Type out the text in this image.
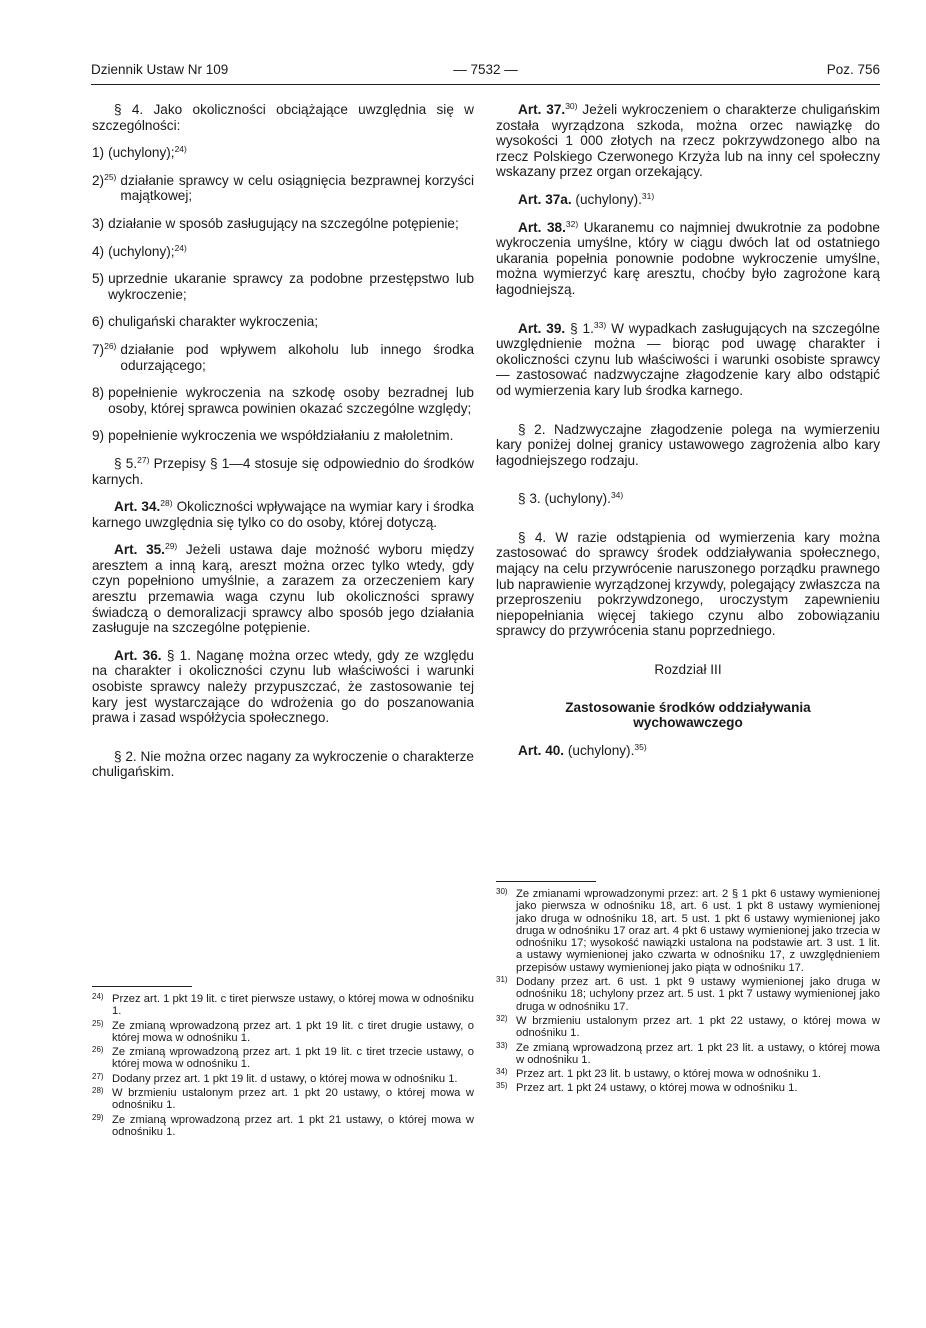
Dziennik Ustaw Nr 109	— 7532 —	Poz. 756

§ 4. Jako okoliczności obciążające uwzględnia się w szczególności:

1) (uchylony);$^{24)}$
2)$^{25)}$ działanie sprawcy w celu osiągnięcia bezprawnej korzyści majątkowej;
3) działanie w sposób zasługujący na szczególne potępienie;
4) (uchylony);$^{24)}$
5) uprzednie ukaranie sprawcy za podobne przestępstwo lub wykroczenie;
6) chuligański charakter wykroczenia;
7)$^{26)}$ działanie pod wpływem alkoholu lub innego środka odurzającego;
8) popełnienie wykroczenia na szkodę osoby bezradnej lub osoby, której sprawca powinien okazać szczególne względy;
9) popełnienie wykroczenia we współdziałaniu z małoletnim.

§ 5.$^{27)}$ Przepisy § 1—4 stosuje się odpowiednio do środków karnych.

Art. 34.$^{28)}$ Okoliczności wpływające na wymiar kary i środka karnego uwzględnia się tylko co do osoby, której dotyczą.

Art. 35.$^{29)}$ Jeżeli ustawa daje możność wyboru między aresztem a inną karą, areszt można orzec tylko wtedy, gdy czyn popełniono umyślnie, a zarazem za orzeczeniem kary aresztu przemawia waga czynu lub okoliczności sprawy świadczą o demoralizacji sprawcy albo sposób jego działania zasługuje na szczególne potępienie.

Art. 36. § 1. Naganę można orzec wtedy, gdy ze względu na charakter i okoliczności czynu lub właściwości i warunki osobiste sprawcy należy przypuszczać, że zastosowanie tej kary jest wystarczające do wdrożenia go do poszanowania prawa i zasad współżycia społecznego.

§ 2. Nie można orzec nagany za wykroczenie o charakterze chuligańskim.

$^{24)}$ Przez art. 1 pkt 19 lit. c tiret pierwsze ustawy, o której mowa w odnośniku 1.
$^{25)}$ Ze zmianą wprowadzoną przez art. 1 pkt 19 lit. c tiret drugie ustawy, o której mowa w odnośniku 1.
$^{26)}$ Ze zmianą wprowadzoną przez art. 1 pkt 19 lit. c tiret trzecie ustawy, o której mowa w odnośniku 1.
$^{27)}$ Dodany przez art. 1 pkt 19 lit. d ustawy, o której mowa w odnośniku 1.
$^{28)}$ W brzmieniu ustalonym przez art. 1 pkt 20 ustawy, o której mowa w odnośniku 1.
$^{29)}$ Ze zmianą wprowadzoną przez art. 1 pkt 21 ustawy, o której mowa w odnośniku 1.

Art. 37.$^{30)}$ Jeżeli wykroczeniem o charakterze chuligańskim została wyrządzona szkoda, można orzec nawiązkę do wysokości 1 000 złotych na rzecz pokrzywdzonego albo na rzecz Polskiego Czerwonego Krzyża lub na inny cel społeczny wskazany przez organ orzekający.

Art. 37a. (uchylony).$^{31)}$

Art. 38.$^{32)}$ Ukaranemu co najmniej dwukrotnie za podobne wykroczenia umyślne, który w ciągu dwóch lat od ostatniego ukarania popełnia ponownie podobne wykroczenie umyślne, można wymierzyć karę aresztu, choćby było zagrożone karą łagodniejszą.

Art. 39. § 1.$^{33)}$ W wypadkach zasługujących na szczególne uwzględnienie można — biorąc pod uwagę charakter i okoliczności czynu lub właściwości i warunki osobiste sprawcy — zastosować nadzwyczajne złagodzenie kary albo odstąpić od wymierzenia kary lub środka karnego.

§ 2. Nadzwyczajne złagodzenie polega na wymierzeniu kary poniżej dolnej granicy ustawowego zagrożenia albo kary łagodniejszego rodzaju.

§ 3. (uchylony).$^{34)}$

§ 4. W razie odstąpienia od wymierzenia kary można zastosować do sprawcy środek oddziaływania społecznego, mający na celu przywrócenie naruszonego porządku prawnego lub naprawienie wyrządzonej krzywdy, polegający zwłaszcza na przeproszeniu pokrzywdzonego, uroczystym zapewnieniu niepopełniania więcej takiego czynu albo zobowiązaniu sprawcy do przywrócenia stanu poprzedniego.

Rozdział III

Zastosowanie środków oddziaływania wychowawczego

Art. 40. (uchylony).$^{35)}$

$^{30)}$ Ze zmianami wprowadzonymi przez: art. 2 § 1 pkt 6 ustawy wymienionej jako pierwsza w odnośniku 18, art. 6 ust. 1 pkt 8 ustawy wymienionej jako druga w odnośniku 18, art. 5 ust. 1 pkt 6 ustawy wymienionej jako druga w odnośniku 17 oraz art. 4 pkt 6 ustawy wymienionej jako trzecia w odnośniku 17; wysokość nawiązki ustalona na podstawie art. 3 ust. 1 lit. a ustawy wymienionej jako czwarta w odnośniku 17, z uwzględnieniem przepisów ustawy wymienionej jako piąta w odnośniku 17.
$^{31)}$ Dodany przez art. 6 ust. 1 pkt 9 ustawy wymienionej jako druga w odnośniku 18; uchylony przez art. 5 ust. 1 pkt 7 ustawy wymienionej jako druga w odnośniku 17.
$^{32)}$ W brzmieniu ustalonym przez art. 1 pkt 22 ustawy, o której mowa w odnośniku 1.
$^{33)}$ Ze zmianą wprowadzoną przez art. 1 pkt 23 lit. a ustawy, o której mowa w odnośniku 1.
$^{34)}$ Przez art. 1 pkt 23 lit. b ustawy, o której mowa w odnośniku 1.
$^{35)}$ Przez art. 1 pkt 24 ustawy, o której mowa w odnośniku 1.
